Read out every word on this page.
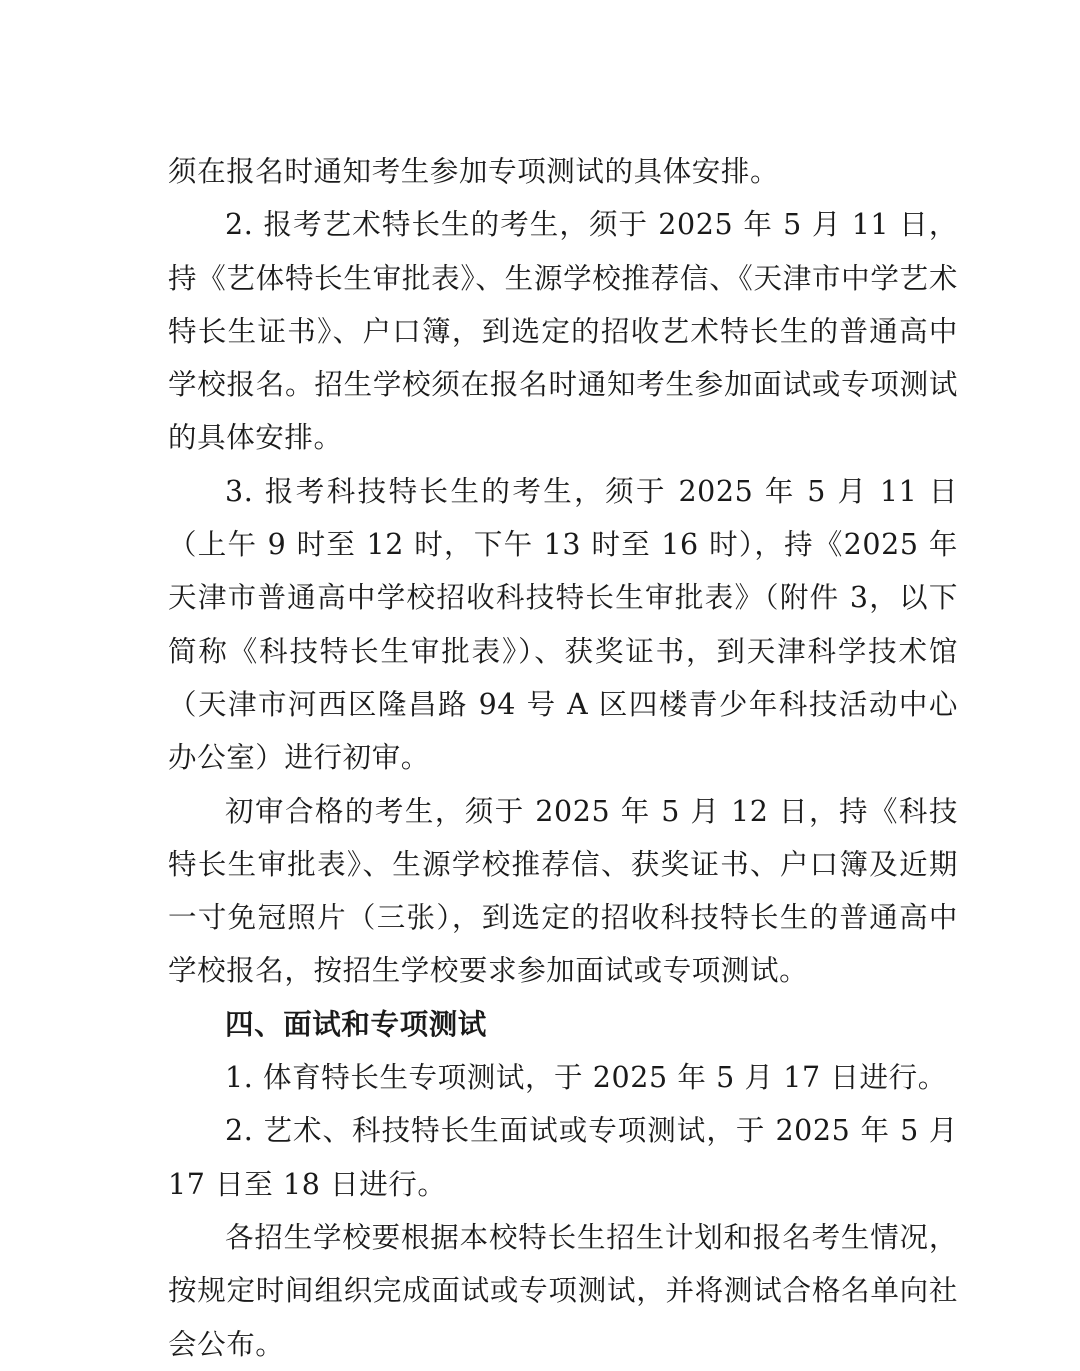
须在报名时通知考生参加专项测试的具体安排。

2. 报考艺术特长生的考生，须于 2025 年 5 月 11 日，持《艺体特长生审批表》、生源学校推荐信、《天津市中学艺术特长生证书》、户口簿，到选定的招收艺术特长生的普通高中学校报名。招生学校须在报名时通知考生参加面试或专项测试的具体安排。

3. 报考科技特长生的考生，须于 2025 年 5 月 11 日（上午 9 时至 12 时，下午 13 时至 16 时），持《2025 年天津市普通高中学校招收科技特长生审批表》（附件 3，以下简称《科技特长生审批表》）、获奖证书，到天津科学技术馆（天津市河西区隆昌路 94 号 A 区四楼青少年科技活动中心办公室）进行初审。

初审合格的考生，须于 2025 年 5 月 12 日，持《科技特长生审批表》、生源学校推荐信、获奖证书、户口簿及近期一寸免冠照片（三张），到选定的招收科技特长生的普通高中学校报名，按招生学校要求参加面试或专项测试。

四、面试和专项测试

1. 体育特长生专项测试，于 2025 年 5 月 17 日进行。

2. 艺术、科技特长生面试或专项测试，于 2025 年 5 月 17 日至 18 日进行。

各招生学校要根据本校特长生招生计划和报名考生情况，按规定时间组织完成面试或专项测试，并将测试合格名单向社会公布。
